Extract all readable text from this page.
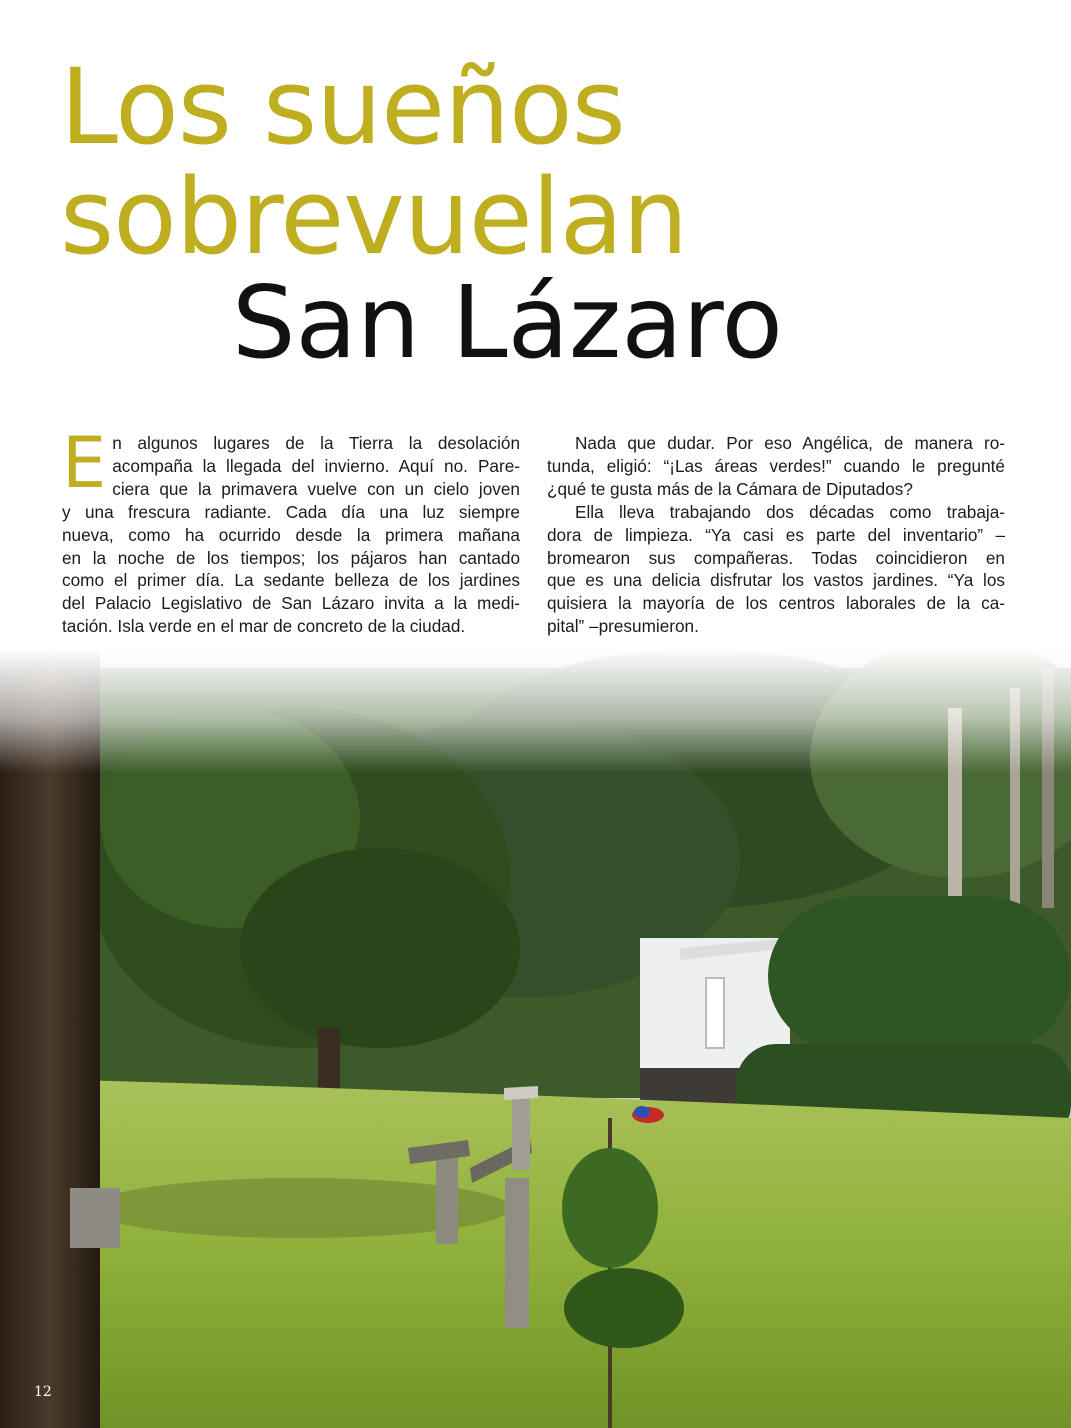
Los sueños
sobrevuelan
San Lázaro
E n algunos lugares de la Tierra la desolación
acompaña la llegada del invierno. Aquí no. Pare-
ciera que la primavera vuelve con un cielo joven
y una frescura radiante. Cada día una luz siempre
nueva, como ha ocurrido desde la primera mañana
en la noche de los tiempos; los pájaros han cantado
como el primer día. La sedante belleza de los jardines
del Palacio Legislativo de San Lázaro invita a la medi-
tación. Isla verde en el mar de concreto de la ciudad.
Nada que dudar. Por eso Angélica, de manera ro-
tunda, eligió: “¡Las áreas verdes!” cuando le pregunté
¿qué te gusta más de la Cámara de Diputados?
Ella lleva trabajando dos décadas como trabaja-
dora de limpieza. “Ya casi es parte del inventario” –
bromearon sus compañeras. Todas coincidieron en
que es una delicia disfrutar los vastos jardines. “Ya los
quisiera la mayoría de los centros laborales de la ca-
pital” –presumieron.
12
